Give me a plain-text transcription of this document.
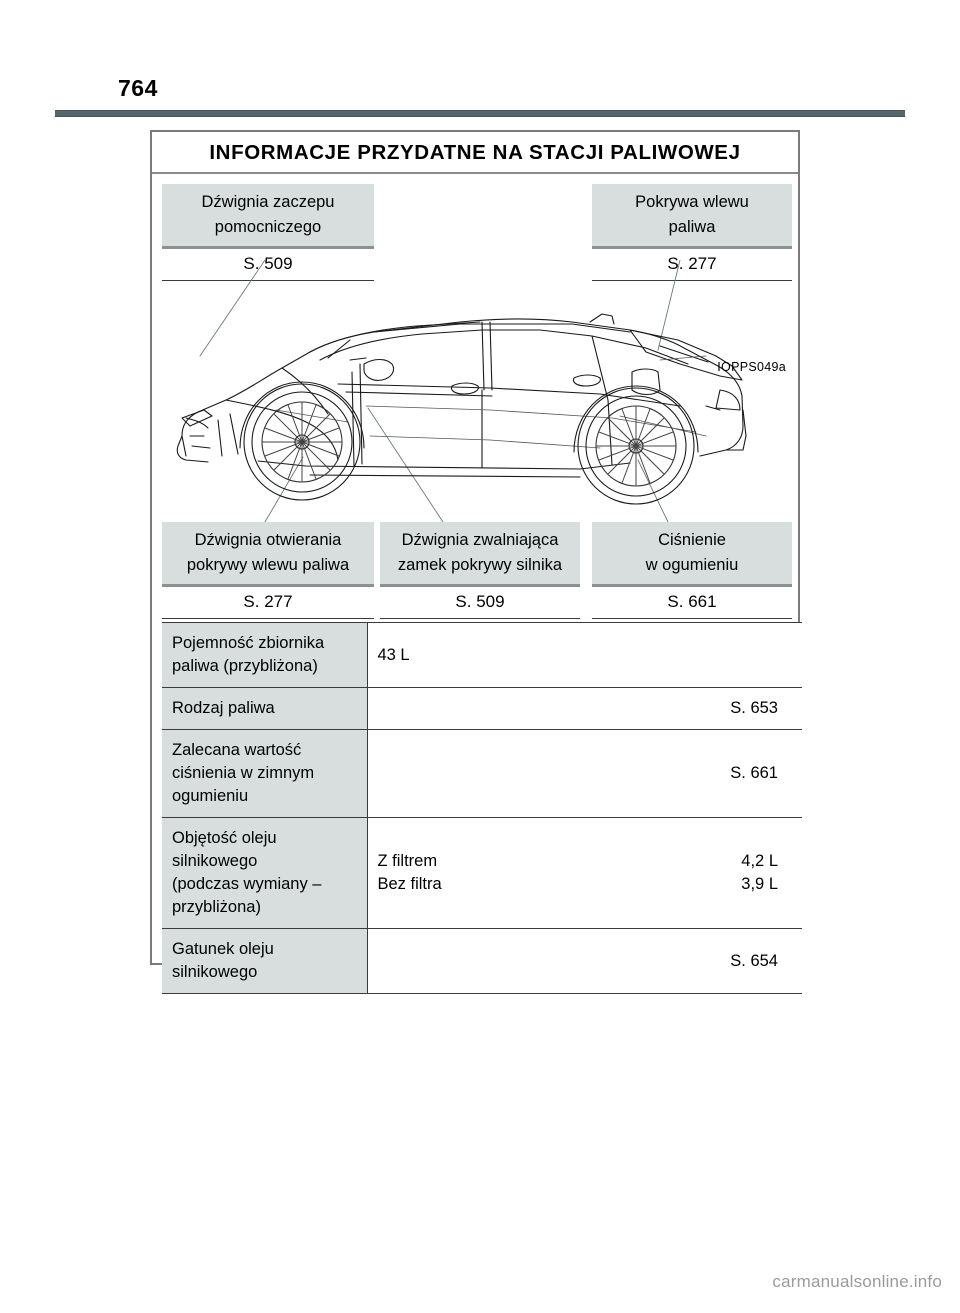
764
INFORMACJE PRZYDATNE NA STACJI PALIWOWEJ
Dźwignia zaczepu
pomocniczego
S. 509
Pokrywa wlewu
paliwa
S. 277
IOPPS049a
Dźwignia otwierania
pokrywy wlewu paliwa
S. 277
Dźwignia zwalniająca
zamek pokrywy silnika
S. 509
Ciśnienie
w ogumieniu
S. 661
Pojemność zbiornika
paliwa (przybliżona)	43 L

Rodzaj paliwa	S. 653

Zalecana wartość
ciśnienia w zimnym
ogumieniu	S. 661

Objętość oleju
silnikowego
(podczas wymiany –
przybliżona)

Z filtrem	4,2 L
Bez filtra	3,9 L

Gatunek oleju
silnikowego	S. 654
carmanualsonline.info
